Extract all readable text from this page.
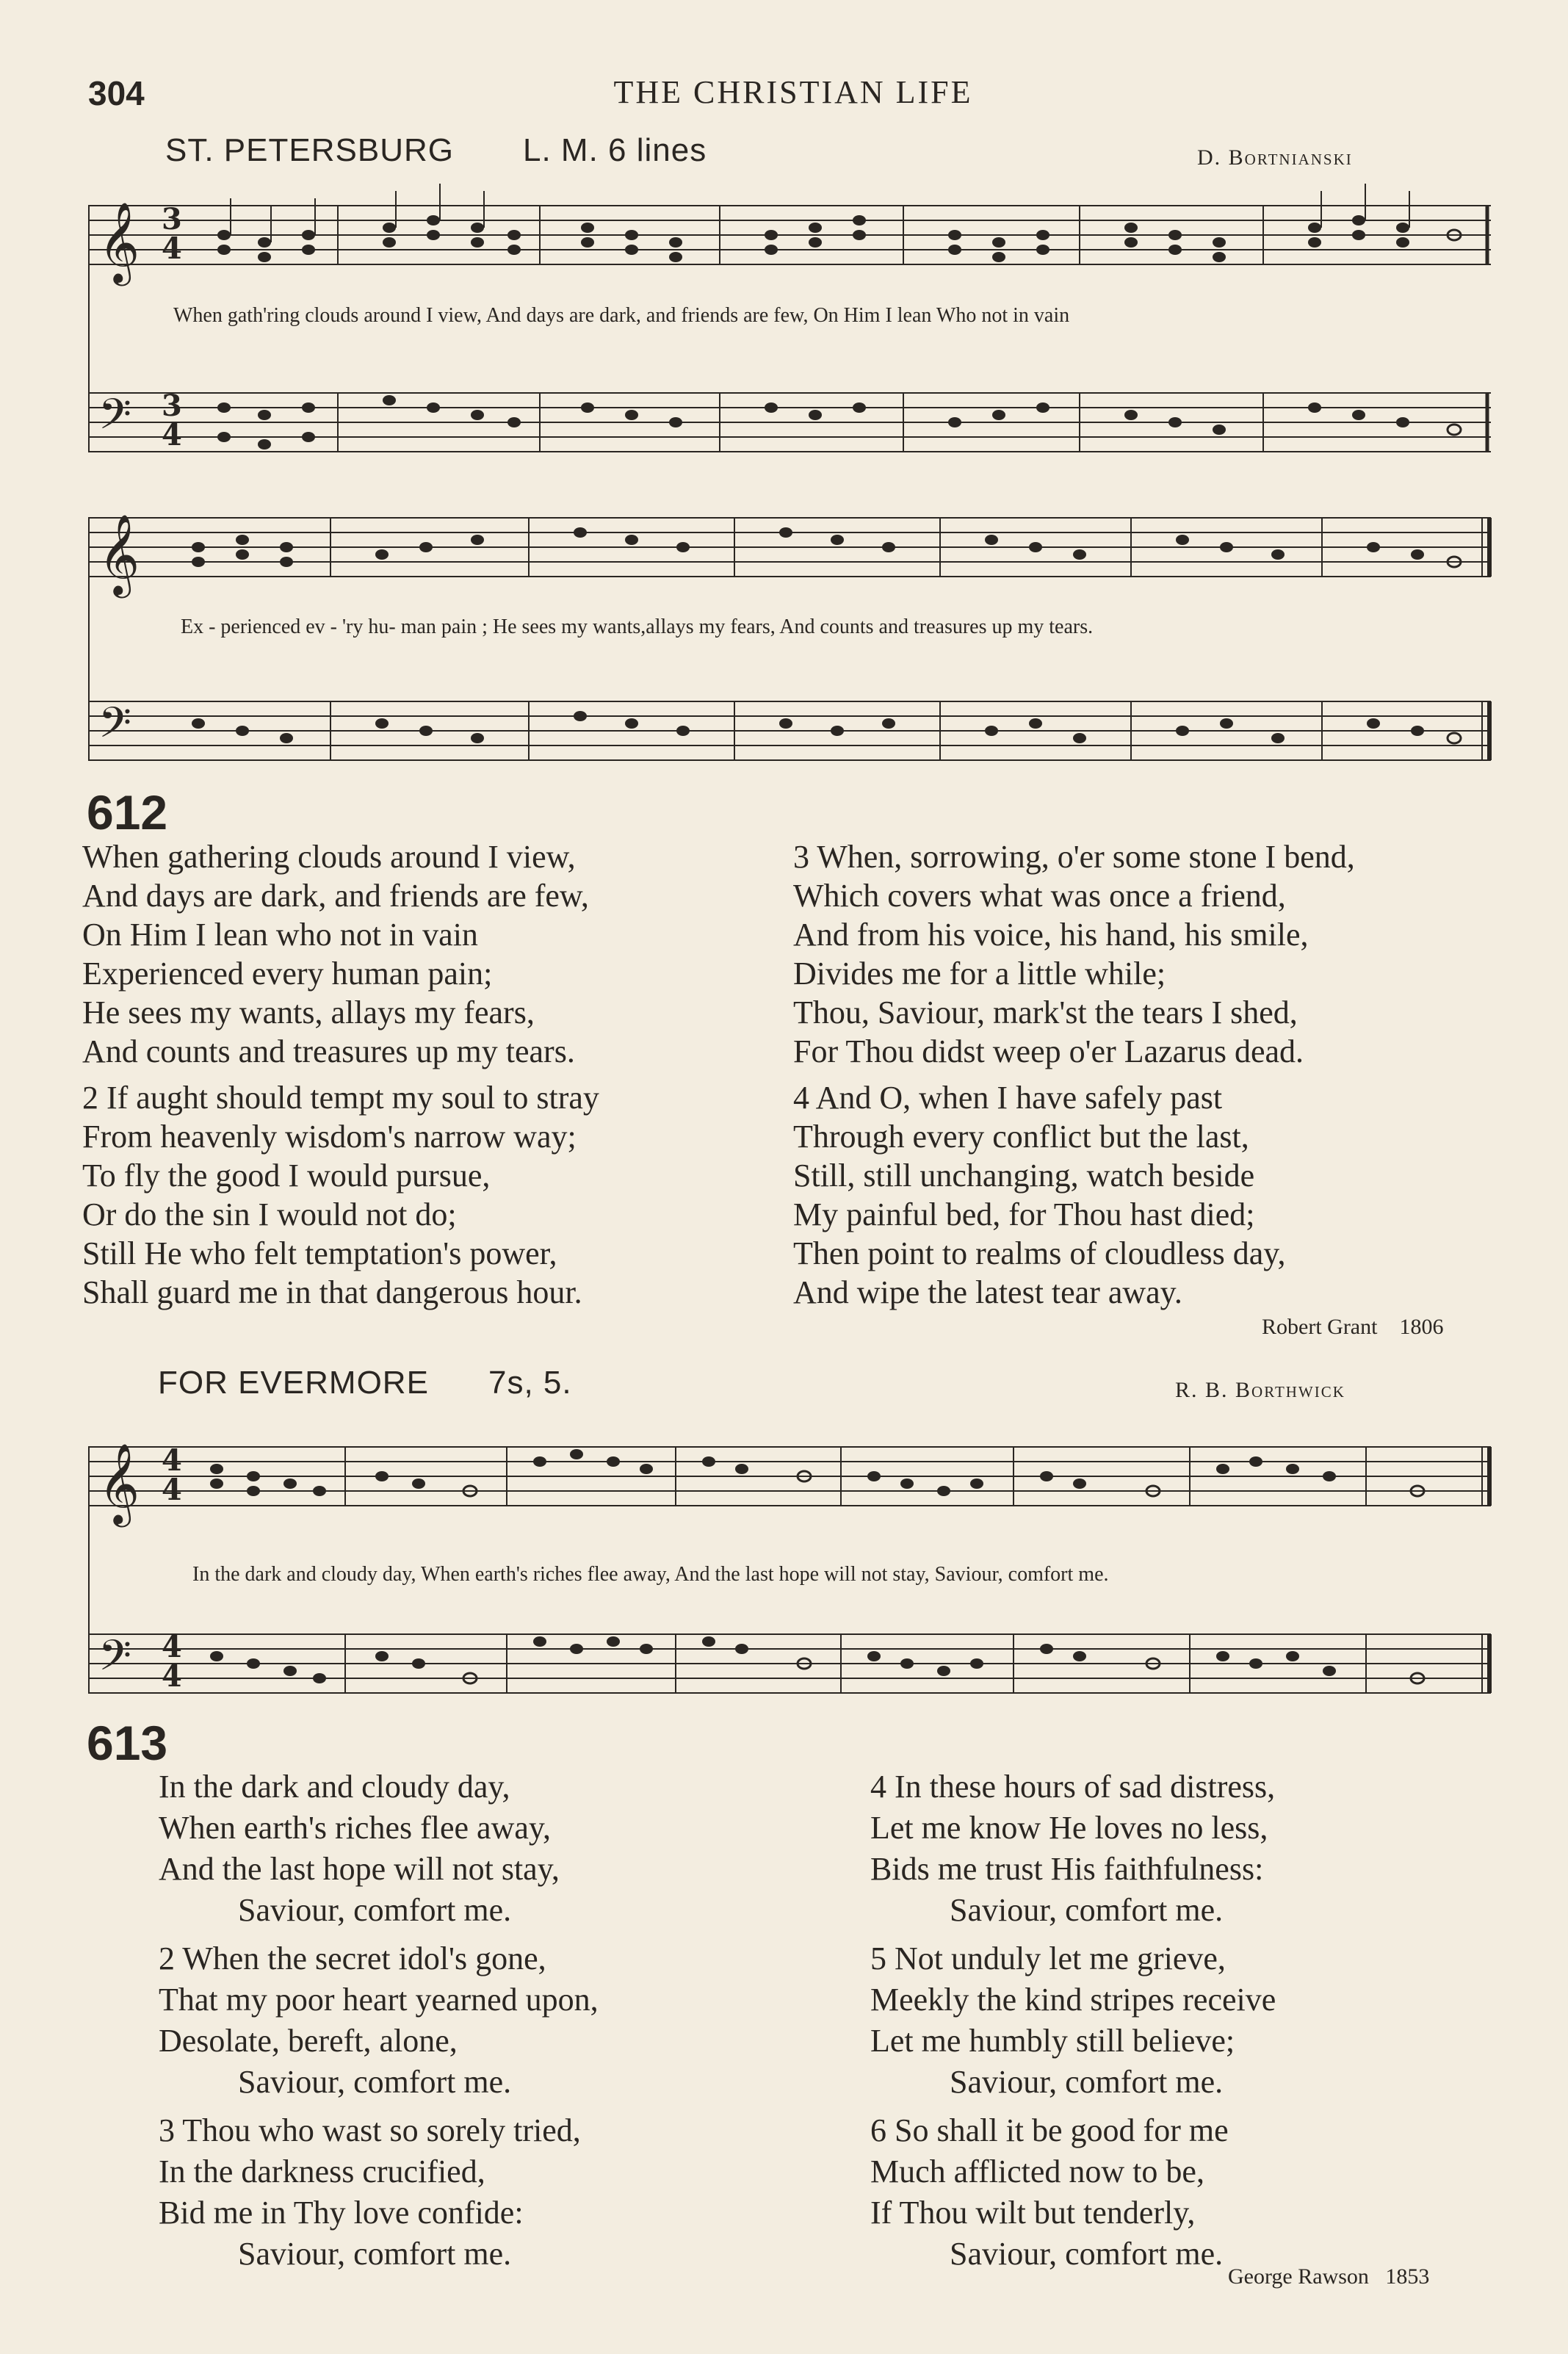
304	THE CHRISTIAN LIFE
ST. PETERSBURG L. M. 6 lines	D. Bortnianski
𝄞
𝄢
3
4
3
4
When gath'ring clouds around I view, And days are dark, and friends are few, On Him I lean Who not in vain
𝄞
𝄢
Ex - perienced ev - 'ry hu- man pain ; He sees my wants,allays my fears, And counts and treasures up my tears.
612
When gathering clouds around I view,
And days are dark, and friends are few,
On Him I lean who not in vain
Experienced every human pain;
He sees my wants, allays my fears,
And counts and treasures up my tears.
2 If aught should tempt my soul to stray
From heavenly wisdom's narrow way;
To fly the good I would pursue,
Or do the sin I would not do;
Still He who felt temptation's power,
Shall guard me in that dangerous hour.
3 When, sorrowing, o'er some stone I bend,
Which covers what was once a friend,
And from his voice, his hand, his smile,
Divides me for a little while;
Thou, Saviour, mark'st the tears I shed,
For Thou didst weep o'er Lazarus dead.
4 And O, when I have safely past
Through every conflict but the last,
Still, still unchanging, watch beside
My painful bed, for Thou hast died;
Then point to realms of cloudless day,
And wipe the latest tear away.
Robert Grant 1806
FOR EVERMORE 7s, 5.	R. B. Borthwick
𝄞
𝄢
4
4
4
4
In the dark and cloudy day, When earth's riches flee away, And the last hope will not stay, Saviour, comfort me.
613
In the dark and cloudy day,
When earth's riches flee away,
And the last hope will not stay,
Saviour, comfort me.
2 When the secret idol's gone,
That my poor heart yearned upon,
Desolate, bereft, alone,
Saviour, comfort me.
3 Thou who wast so sorely tried,
In the darkness crucified,
Bid me in Thy love confide:
Saviour, comfort me.
4 In these hours of sad distress,
Let me know He loves no less,
Bids me trust His faithfulness:
Saviour, comfort me.
5 Not unduly let me grieve,
Meekly the kind stripes receive
Let me humbly still believe;
Saviour, comfort me.
6 So shall it be good for me
Much afflicted now to be,
If Thou wilt but tenderly,
Saviour, comfort me.
George Rawson 1853
